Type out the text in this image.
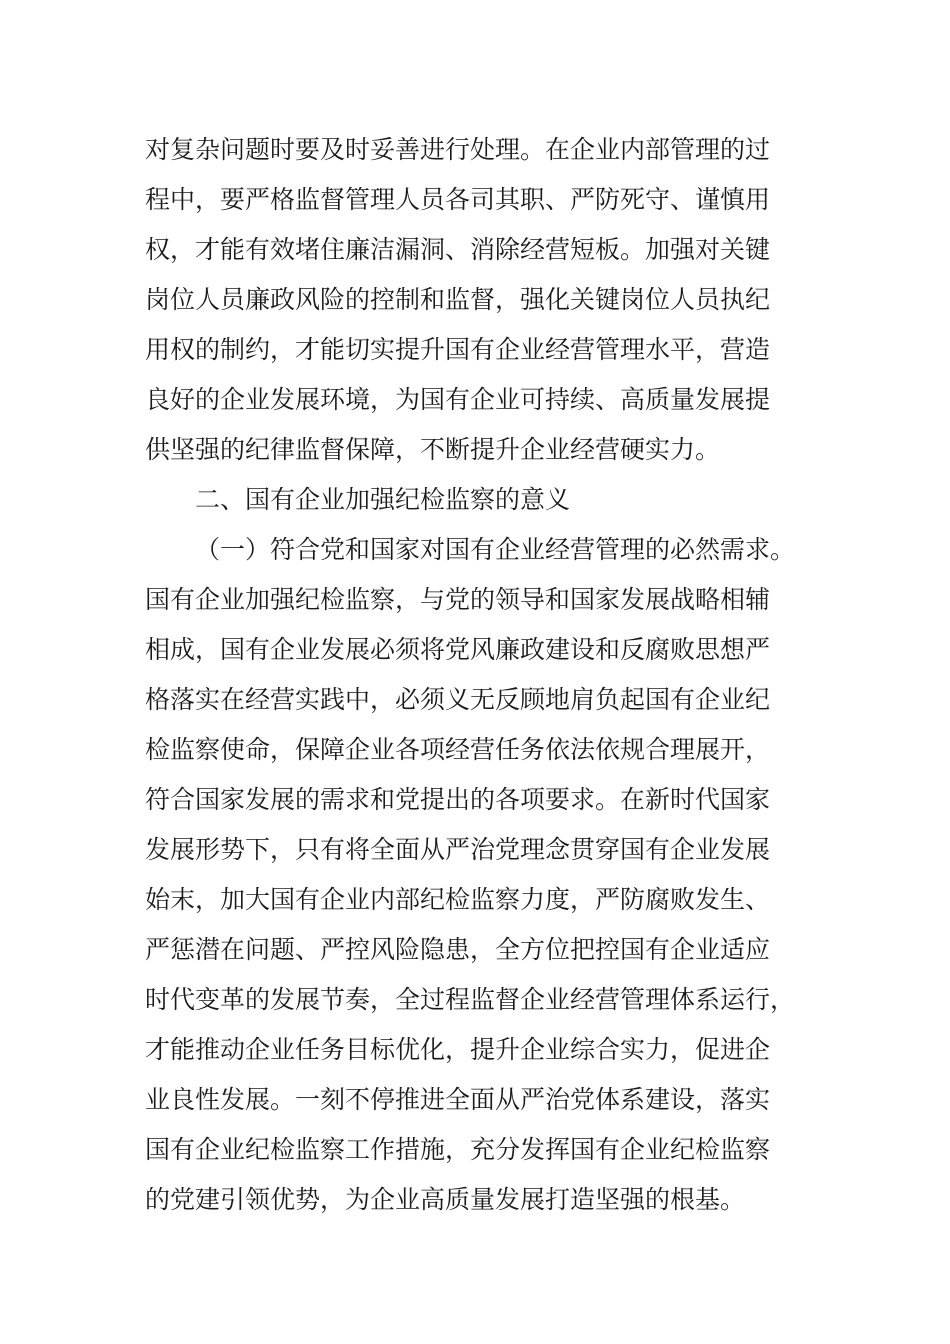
对复杂问题时要及时妥善进行处理。在企业内部管理的过
程中，要严格监督管理人员各司其职、严防死守、谨慎用
权，才能有效堵住廉洁漏洞、消除经营短板。加强对关键
岗位人员廉政风险的控制和监督，强化关键岗位人员执纪
用权的制约，才能切实提升国有企业经营管理水平，营造
良好的企业发展环境，为国有企业可持续、高质量发展提
供坚强的纪律监督保障，不断提升企业经营硬实力。
二、国有企业加强纪检监察的意义
（一）符合党和国家对国有企业经营管理的必然需求。
国有企业加强纪检监察，与党的领导和国家发展战略相辅
相成，国有企业发展必须将党风廉政建设和反腐败思想严
格落实在经营实践中，必须义无反顾地肩负起国有企业纪
检监察使命，保障企业各项经营任务依法依规合理展开，
符合国家发展的需求和党提出的各项要求。在新时代国家
发展形势下，只有将全面从严治党理念贯穿国有企业发展
始末，加大国有企业内部纪检监察力度，严防腐败发生、
严惩潜在问题、严控风险隐患，全方位把控国有企业适应
时代变革的发展节奏，全过程监督企业经营管理体系运行，
才能推动企业任务目标优化，提升企业综合实力，促进企
业良性发展。一刻不停推进全面从严治党体系建设，落实
国有企业纪检监察工作措施，充分发挥国有企业纪检监察
的党建引领优势，为企业高质量发展打造坚强的根基。
